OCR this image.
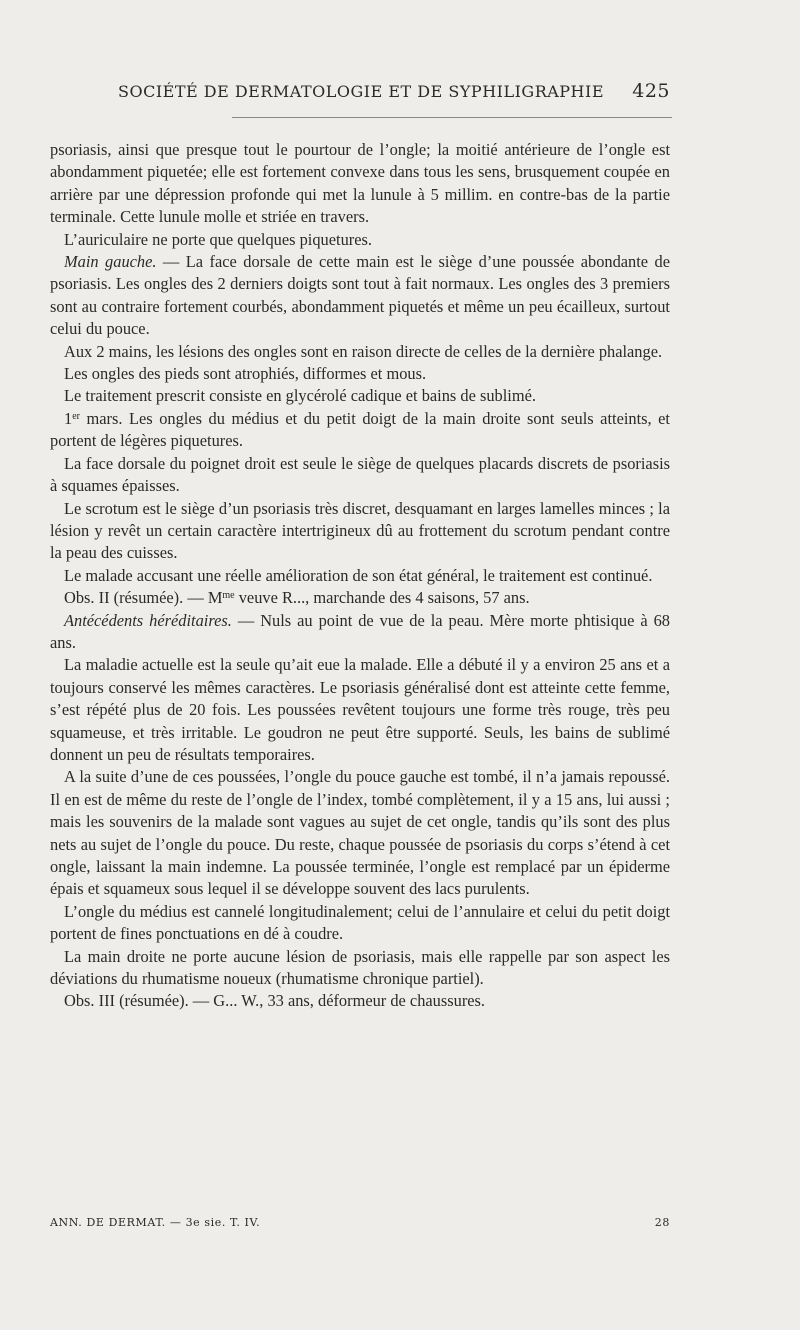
SOCIÉTÉ DE DERMATOLOGIE ET DE SYPHILIGRAPHIE 425

psoriasis, ainsi que presque tout le pourtour de l’ongle; la moitié antérieure de l’ongle est abondamment piquetée; elle est fortement convexe dans tous les sens, brusquement coupée en arrière par une dépression profonde qui met la lunule à 5 millim. en contre-bas de la partie terminale. Cette lunule molle et striée en travers.

L’auriculaire ne porte que quelques piquetures.

Main gauche. — La face dorsale de cette main est le siège d’une poussée abondante de psoriasis. Les ongles des 2 derniers doigts sont tout à fait normaux. Les ongles des 3 premiers sont au contraire fortement courbés, abondamment piquetés et même un peu écailleux, surtout celui du pouce.

Aux 2 mains, les lésions des ongles sont en raison directe de celles de la dernière phalange.

Les ongles des pieds sont atrophiés, difformes et mous.

Le traitement prescrit consiste en glycérolé cadique et bains de sublimé.

1er mars. Les ongles du médius et du petit doigt de la main droite sont seuls atteints, et portent de légères piquetures.

La face dorsale du poignet droit est seule le siège de quelques placards discrets de psoriasis à squames épaisses.

Le scrotum est le siège d’un psoriasis très discret, desquamant en larges lamelles minces ; la lésion y revêt un certain caractère intertrigineux dû au frottement du scrotum pendant contre la peau des cuisses.

Le malade accusant une réelle amélioration de son état général, le traitement est continué.

Obs. II (résumée). — $M^{me}$ veuve R..., marchande des 4 saisons, 57 ans.

Antécédents héréditaires. — Nuls au point de vue de la peau. Mère morte phtisique à 68 ans.

La maladie actuelle est la seule qu’ait eue la malade. Elle a débuté il y a environ 25 ans et a toujours conservé les mêmes caractères. Le psoriasis généralisé dont est atteinte cette femme, s’est répété plus de 20 fois. Les poussées revêtent toujours une forme très rouge, très peu squameuse, et très irritable. Le goudron ne peut être supporté. Seuls, les bains de sublimé donnent un peu de résultats temporaires.

A la suite d’une de ces poussées, l’ongle du pouce gauche est tombé, il n’a jamais repoussé. Il en est de même du reste de l’ongle de l’index, tombé complètement, il y a 15 ans, lui aussi ; mais les souvenirs de la malade sont vagues au sujet de cet ongle, tandis qu’ils sont des plus nets au sujet de l’ongle du pouce. Du reste, chaque poussée de psoriasis du corps s’étend à cet ongle, laissant la main indemne. La poussée terminée, l’ongle est remplacé par un épiderme épais et squameux sous lequel il se développe souvent des lacs purulents.

L’ongle du médius est cannelé longitudinalement; celui de l’annulaire et celui du petit doigt portent de fines ponctuations en dé à coudre.

La main droite ne porte aucune lésion de psoriasis, mais elle rappelle par son aspect les déviations du rhumatisme noueux (rhumatisme chronique partiel).

Obs. III (résumée). — G... W., 33 ans, déformeur de chaussures.

ANN. DE DERMAT. — 3e sie. T. IV.	28
